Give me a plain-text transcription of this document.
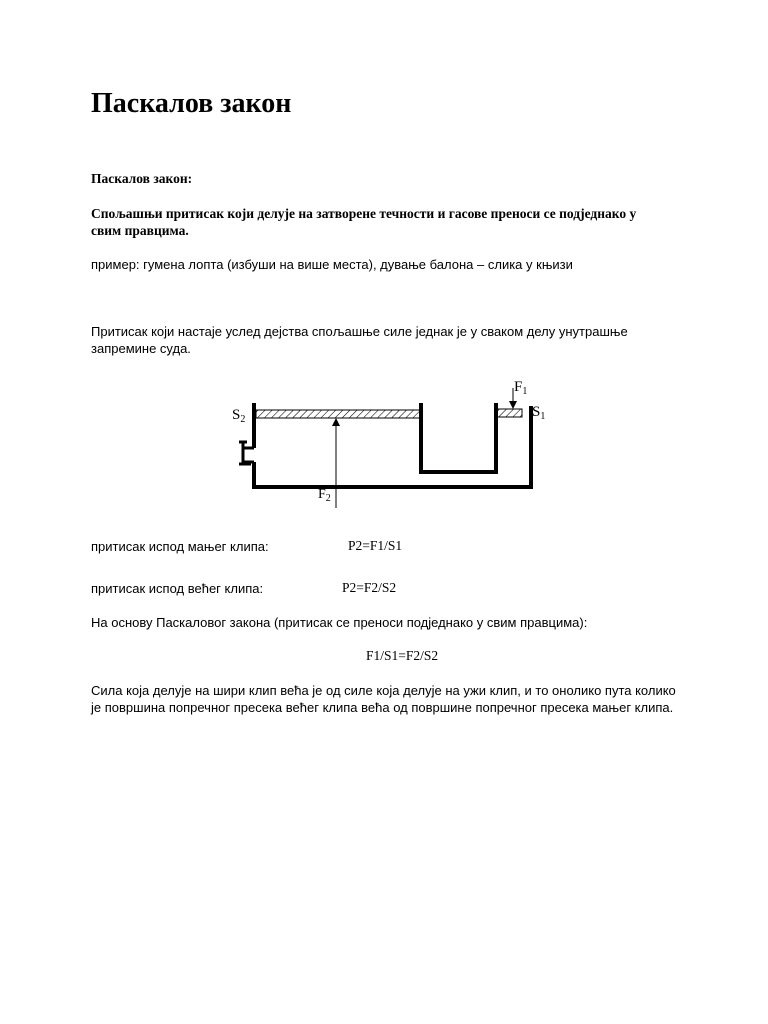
Паскалов закон

Паскалов закон:

Спољашњи притисак који делује на затворене течности и гасове преноси се подједнако у свим правцима.

пример: гумена лопта (избуши на више места), дување балона – слика у књизи

Притисак који настаје услед дејства спољашње силе једнак је у сваком делу унутрашње запремине суда.

$F_1$
$S_1$
$S_2$
$F_2$

притисак испод мањег клипа:	P2=F1/S1

притисак испод већег клипа:	P2=F2/S2

На основу Паскаловог закона (притисак се преноси подједнако у свим правцима):

F1/S1=F2/S2

Сила која делује на шири клип већа је од силе која делује на ужи клип, и то онолико пута колико је површина попречног пресека већег клипа већа од површине попречног пресека мањег клипа.
